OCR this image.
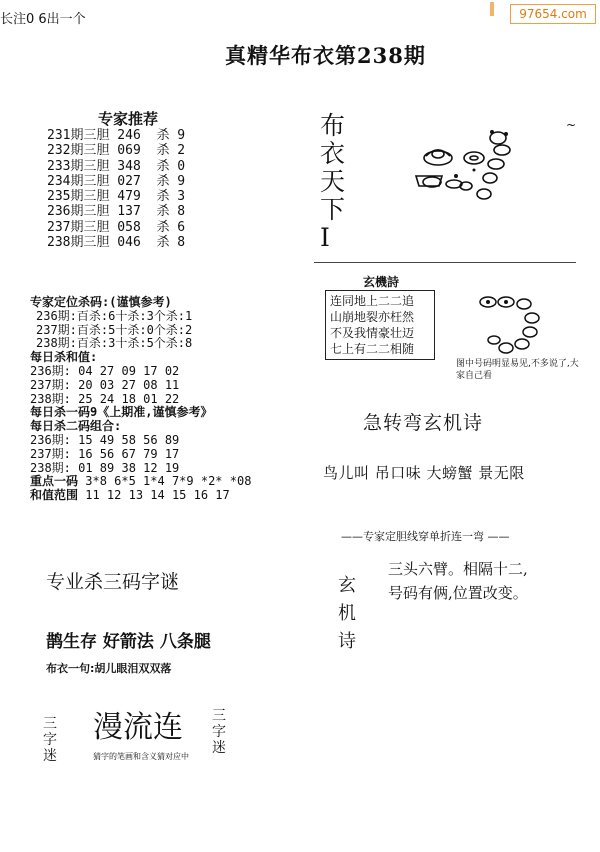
长注0 6出一个	97654.com
真精华布衣第238期
专家推荐
231期三胆 246  杀 9
232期三胆 069  杀 2
233期三胆 348  杀 0
234期三胆 027  杀 9
235期三胆 479  杀 3
236期三胆 137  杀 8
237期三胆 058  杀 6
238期三胆 046  杀 8
专家定位杀码:(谨慎参考)
236期:百杀:6十杀:3个杀:1
237期:百杀:5十杀:0个杀:2
238期:百杀:3十杀:5个杀:8
每日杀和值:
236期: 04 27 09 17 02
237期: 20 03 27 08 11
238期: 25 24 18 01 22
每日杀一码9《上期准,谨慎参考》
每日杀二码组合:
236期: 15 49 58 56 89
237期: 16 56 67 79 17
238期: 01 89 38 12 19
重点一码 3*8 6*5 1*4 7*9 *2* *08
和值范围 11 12 13 14 15 16 17
布
衣
天
下
I
~
玄機詩
连同地上二二追
山崩地裂亦枉然
不及我情豪壮迈
七上有二二相随
图中号码明显易见,不多说了,大家自己看
急转弯玄机诗
鸟儿叫 吊口味 大螃蟹 景无限
——专家定胆线穿单折连一弯 ——
玄
机
诗
三头六臂。相隔十二,
号码有俩,位置改变。
专业杀三码字谜
鹊生存 好箭法 八条腿
布衣一句:胡儿眼泪双双落
三
字
迷
漫流连
猜字的笔画和含义猜对应中
三
字
迷
